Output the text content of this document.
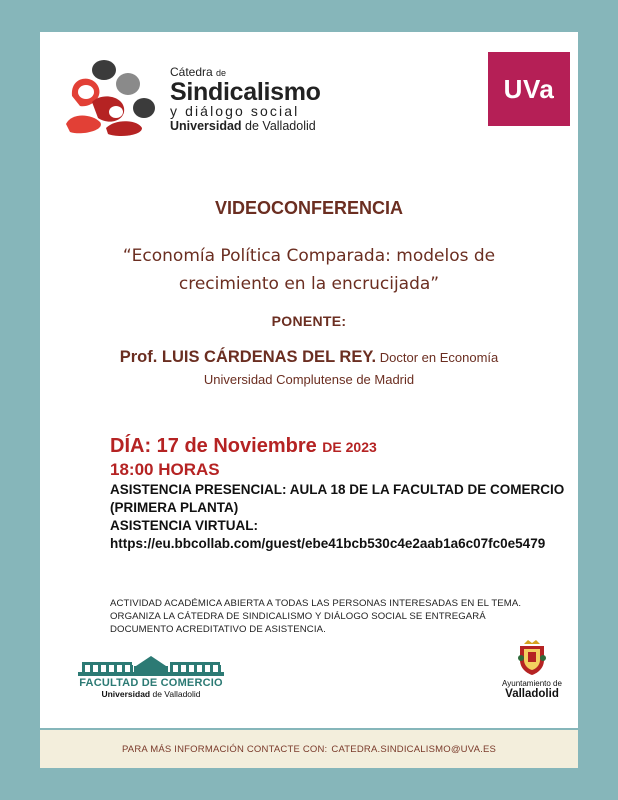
Cátedra de
Sindicalismo
y diálogo social
Universidad de Valladolid
UVa
VIDEOCONFERENCIA
“Economía Política Comparada: modelos de
crecimiento en la encrucijada”
PONENTE:
Prof. LUIS CÁRDENAS DEL REY. Doctor en Economía
Universidad Complutense de Madrid
DÍA: 17 de Noviembre DE 2023
18:00 HORAS
ASISTENCIA PRESENCIAL: AULA 18 DE LA FACULTAD DE COMERCIO (PRIMERA PLANTA)
ASISTENCIA VIRTUAL:
https://eu.bbcollab.com/guest/ebe41bcb530c4e2aab1a6c07fc0e5479
ACTIVIDAD ACADÉMICA ABIERTA A TODAS LAS PERSONAS INTERESADAS EN EL TEMA. ORGANIZA LA CÁTEDRA DE SINDICALISMO Y DIÁLOGO SOCIAL SE ENTREGARÁ DOCUMENTO ACREDITATIVO DE ASISTENCIA.
FACULTAD DE COMERCIO
Universidad de Valladolid
Ayuntamiento de
Valladolid
PARA MÁS INFORMACIÓN CONTACTE CON: CATEDRA.SINDICALISMO@UVA.ES
